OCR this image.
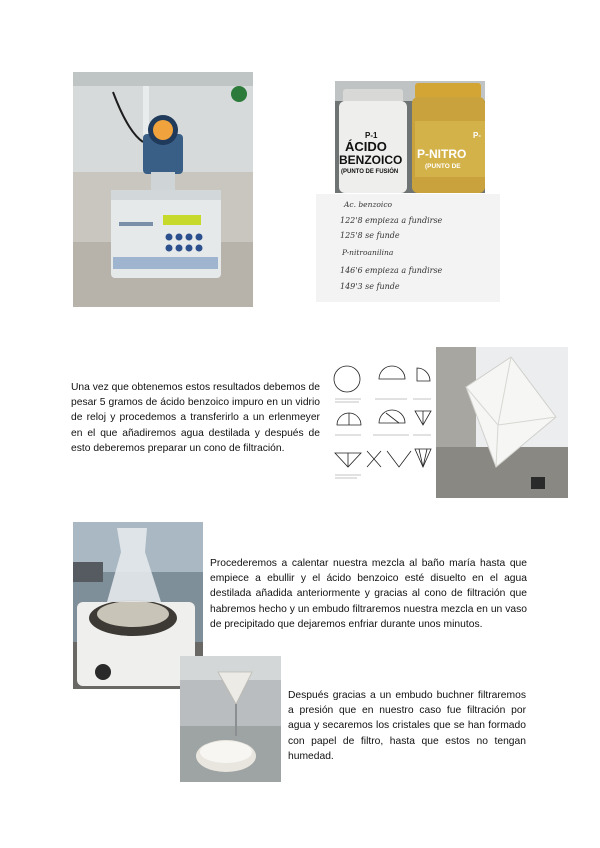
P-1
ÁCIDO
BENZOICO
(PUNTO DE FUSIÓN
P-
P-NITRO
(PUNTO DE
Ac. benzoico
122'8 empieza a fundirse
125'8 se funde
P-nitroanilina
146'6 empieza a fundirse
149'3 se funde
Una vez que obtenemos estos resultados debemos de pesar 5 gramos de ácido benzoico impuro en un vidrio de reloj y procedemos a transferirlo a un erlenmeyer en el que añadiremos agua destilada y después de esto deberemos preparar un cono de filtración.
Procederemos a calentar nuestra mezcla al baño maría hasta que empiece a ebullir y el ácido benzoico esté disuelto en el agua destilada añadida anteriormente y gracias al cono de filtración que habremos hecho y un embudo filtraremos nuestra mezcla en un vaso de precipitado que dejaremos enfriar durante unos minutos.
Después gracias a un embudo buchner filtraremos a presión que en nuestro caso fue filtración por agua y secaremos los cristales que se han formado con papel de filtro, hasta que estos no tengan humedad.
